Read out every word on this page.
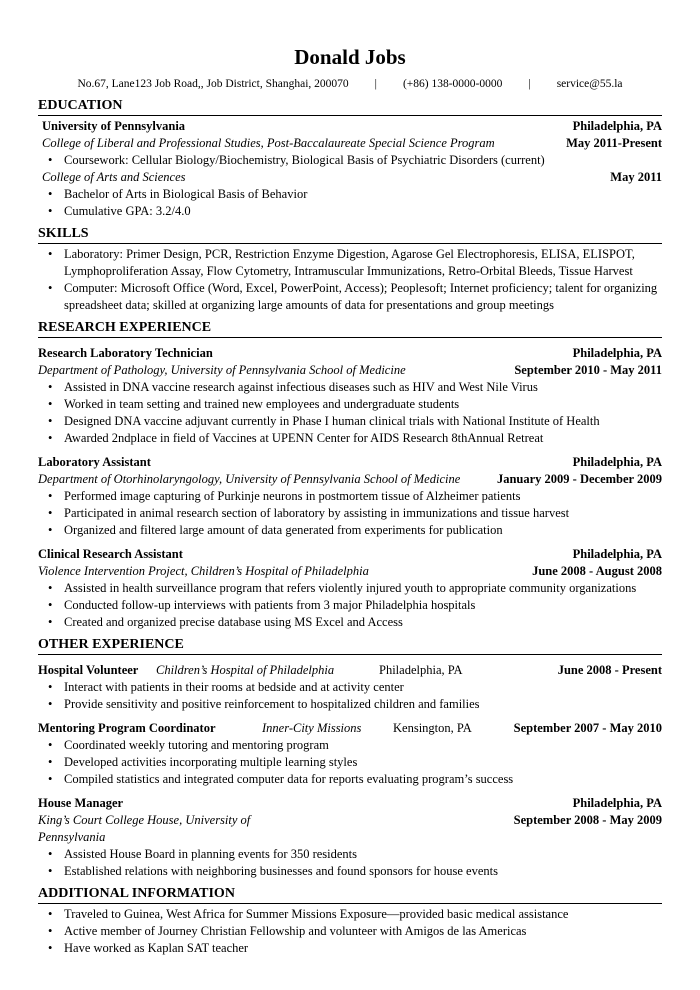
Donald Jobs
No.67, Lane123 Job Road,, Job District, Shanghai, 200070 | (+86) 138-0000-0000 | service@55.la
EDUCATION
University of Pennsylvania	Philadelphia, PA
College of Liberal and Professional Studies, Post-Baccalaureate Special Science Program	May 2011-Present
• Coursework: Cellular Biology/Biochemistry, Biological Basis of Psychiatric Disorders (current)
College of Arts and Sciences	May 2011
• Bachelor of Arts in Biological Basis of Behavior
• Cumulative GPA: 3.2/4.0
SKILLS
• Laboratory: Primer Design, PCR, Restriction Enzyme Digestion, Agarose Gel Electrophoresis, ELISA, ELISPOT,
Lymphoproliferation Assay, Flow Cytometry, Intramuscular Immunizations, Retro-Orbital Bleeds, Tissue Harvest
• Computer: Microsoft Office (Word, Excel, PowerPoint, Access); Peoplesoft; Internet proficiency; talent for organizing
spreadsheet data; skilled at organizing large amounts of data for presentations and group meetings
RESEARCH EXPERIENCE
Research Laboratory Technician	Philadelphia, PA
Department of Pathology, University of Pennsylvania School of Medicine	September 2010 - May 2011
• Assisted in DNA vaccine research against infectious diseases such as HIV and West Nile Virus
• Worked in team setting and trained new employees and undergraduate students
• Designed DNA vaccine adjuvant currently in Phase I human clinical trials with National Institute of Health
• Awarded 2ndplace in field of Vaccines at UPENN Center for AIDS Research 8thAnnual Retreat
Laboratory Assistant	Philadelphia, PA
Department of Otorhinolaryngology, University of Pennsylvania School of Medicine	January 2009 - December 2009
• Performed image capturing of Purkinje neurons in postmortem tissue of Alzheimer patients
• Participated in animal research section of laboratory by assisting in immunizations and tissue harvest
• Organized and filtered large amount of data generated from experiments for publication
Clinical Research Assistant	Philadelphia, PA
Violence Intervention Project, Children’s Hospital of Philadelphia	June 2008 - August 2008
• Assisted in health surveillance program that refers violently injured youth to appropriate community organizations
• Conducted follow-up interviews with patients from 3 major Philadelphia hospitals
• Created and organized precise database using MS Excel and Access
OTHER EXPERIENCE
Hospital Volunteer	Children’s Hospital of Philadelphia	Philadelphia, PA	June 2008 - Present
• Interact with patients in their rooms at bedside and at activity center
• Provide sensitivity and positive reinforcement to hospitalized children and families
Mentoring Program Coordinator	Inner-City Missions	Kensington, PA	September 2007 - May 2010
• Coordinated weekly tutoring and mentoring program
• Developed activities incorporating multiple learning styles
• Compiled statistics and integrated computer data for reports evaluating program’s success
House Manager	Philadelphia, PA
King’s Court College House, University of	September 2008 - May 2009
Pennsylvania
• Assisted House Board in planning events for 350 residents
• Established relations with neighboring businesses and found sponsors for house events
ADDITIONAL INFORMATION
• Traveled to Guinea, West Africa for Summer Missions Exposure—provided basic medical assistance
• Active member of Journey Christian Fellowship and volunteer with Amigos de las Americas
• Have worked as Kaplan SAT teacher
